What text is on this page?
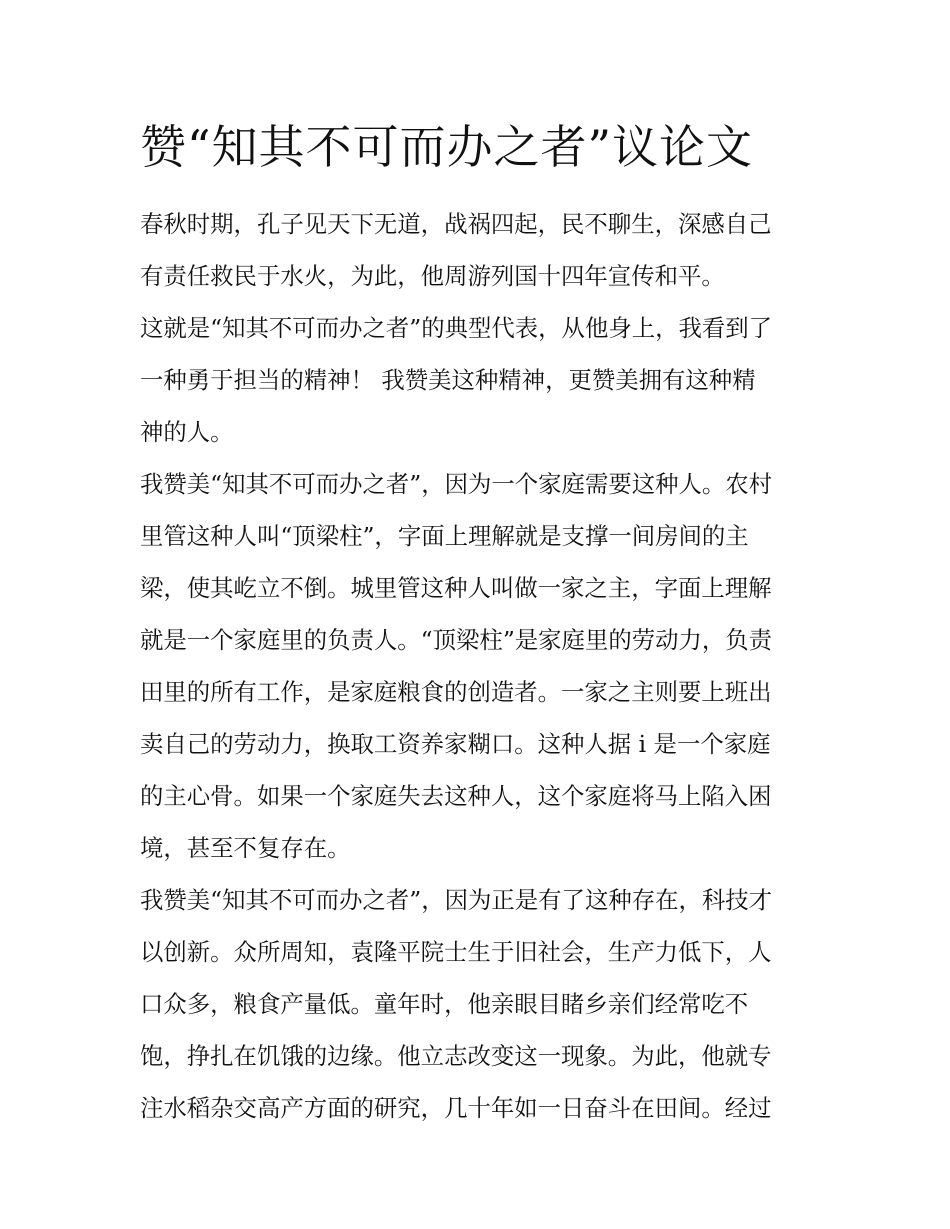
赞“知其不可而办之者”议论文
春秋时期，孔子见天下无道，战祸四起，民不聊生，深感自己
有责任救民于水火，为此，他周游列国十四年宣传和平。
这就是“知其不可而办之者”的典型代表，从他身上，我看到了
一种勇于担当的精神！ 我赞美这种精神，更赞美拥有这种精
神的人。
我赞美“知其不可而办之者”，因为一个家庭需要这种人。农村
里管这种人叫“顶梁柱”，字面上理解就是支撑一间房间的主
梁，使其屹立不倒。城里管这种人叫做一家之主，字面上理解
就是一个家庭里的负责人。“顶梁柱”是家庭里的劳动力，负责
田里的所有工作，是家庭粮食的创造者。一家之主则要上班出
卖自己的劳动力，换取工资养家糊口。这种人据 i 是一个家庭
的主心骨。如果一个家庭失去这种人，这个家庭将马上陷入困
境，甚至不复存在。
我赞美“知其不可而办之者”，因为正是有了这种存在，科技才
以创新。众所周知，袁隆平院士生于旧社会，生产力低下，人
口众多，粮食产量低。童年时，他亲眼目睹乡亲们经常吃不
饱，挣扎在饥饿的边缘。他立志改变这一现象。为此，他就专
注水稻杂交高产方面的研究，几十年如一日奋斗在田间。经过
